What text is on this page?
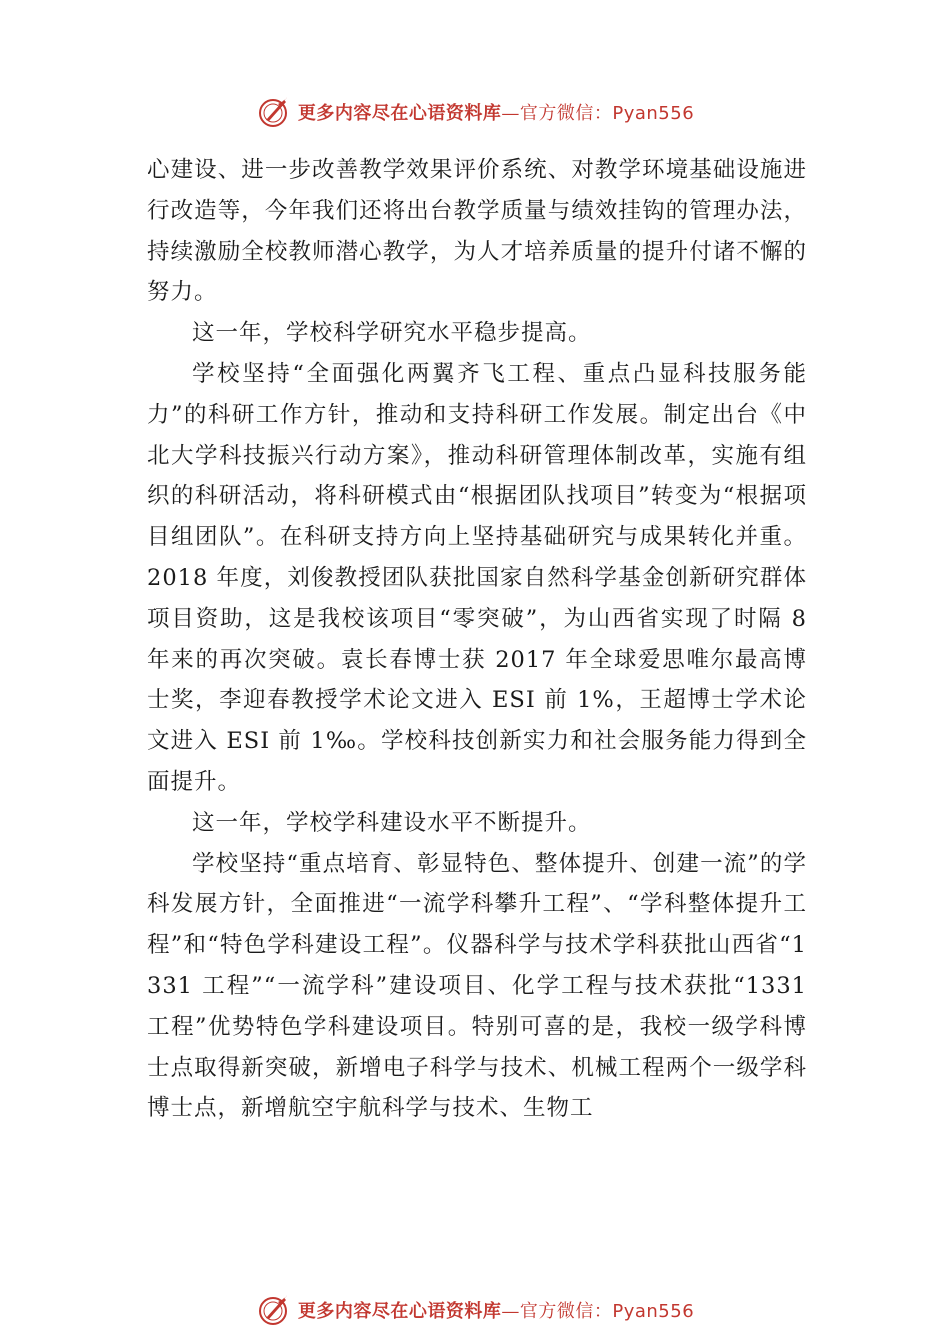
更多内容尽在心语资料库—官方微信：Pyan556

心建设、进一步改善教学效果评价系统、对教学环境基础设施进行改造等，今年我们还将出台教学质量与绩效挂钩的管理办法，持续激励全校教师潜心教学，为人才培养质量的提升付诸不懈的努力。

这一年，学校科学研究水平稳步提高。

学校坚持“全面强化两翼齐飞工程、重点凸显科技服务能力”的科研工作方针，推动和支持科研工作发展。制定出台《中北大学科技振兴行动方案》，推动科研管理体制改革，实施有组织的科研活动，将科研模式由“根据团队找项目”转变为“根据项目组团队”。在科研支持方向上坚持基础研究与成果转化并重。2018 年度，刘俊教授团队获批国家自然科学基金创新研究群体项目资助，这是我校该项目“零突破”，为山西省实现了时隔 8 年来的再次突破。袁长春博士获 2017 年全球爱思唯尔最高博士奖，李迎春教授学术论文进入 ESI 前 1%，王超博士学术论文进入 ESI 前 1‰。学校科技创新实力和社会服务能力得到全面提升。

这一年，学校学科建设水平不断提升。

学校坚持“重点培育、彰显特色、整体提升、创建一流”的学科发展方针，全面推进“一流学科攀升工程”、“学科整体提升工程”和“特色学科建设工程”。仪器科学与技术学科获批山西省“1331 工程”“一流学科”建设项目、化学工程与技术获批“1331 工程”优势特色学科建设项目。特别可喜的是，我校一级学科博士点取得新突破，新增电子科学与技术、机械工程两个一级学科博士点，新增航空宇航科学与技术、生物工

更多内容尽在心语资料库—官方微信：Pyan556
